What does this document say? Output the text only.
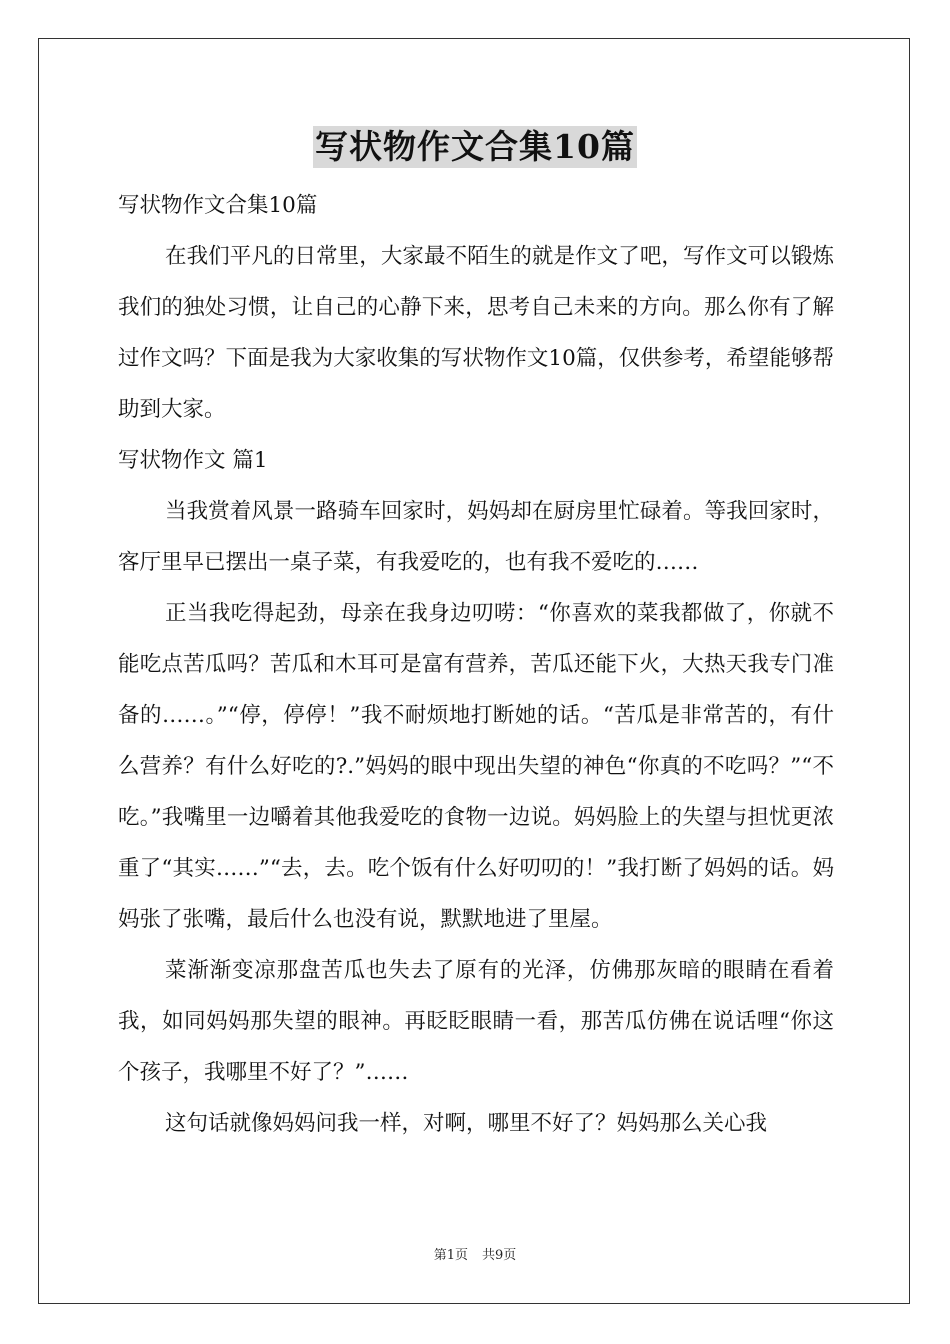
写状物作文合集10篇

写状物作文合集10篇

在我们平凡的日常里，大家最不陌生的就是作文了吧，写作文可以锻炼我们的独处习惯，让自己的心静下来，思考自己未来的方向。那么你有了解过作文吗？下面是我为大家收集的写状物作文10篇，仅供参考，希望能够帮助到大家。

写状物作文 篇1

当我赏着风景一路骑车回家时，妈妈却在厨房里忙碌着。等我回家时，客厅里早已摆出一桌子菜，有我爱吃的，也有我不爱吃的……

正当我吃得起劲，母亲在我身边叨唠：“你喜欢的菜我都做了，你就不能吃点苦瓜吗？苦瓜和木耳可是富有营养，苦瓜还能下火，大热天我专门准备的……。”“停，停停！”我不耐烦地打断她的话。“苦瓜是非常苦的，有什么营养？有什么好吃的?.”妈妈的眼中现出失望的神色“你真的不吃吗？”“不吃。”我嘴里一边嚼着其他我爱吃的食物一边说。妈妈脸上的失望与担忧更浓重了“其实……”“去，去。吃个饭有什么好叨叨的！”我打断了妈妈的话。妈妈张了张嘴，最后什么也没有说，默默地进了里屋。

菜渐渐变凉那盘苦瓜也失去了原有的光泽，仿佛那灰暗的眼睛在看着我，如同妈妈那失望的眼神。再眨眨眼睛一看，那苦瓜仿佛在说话哩“你这个孩子，我哪里不好了？”……

这句话就像妈妈问我一样，对啊，哪里不好了？妈妈那么关心我

第1页 共9页
